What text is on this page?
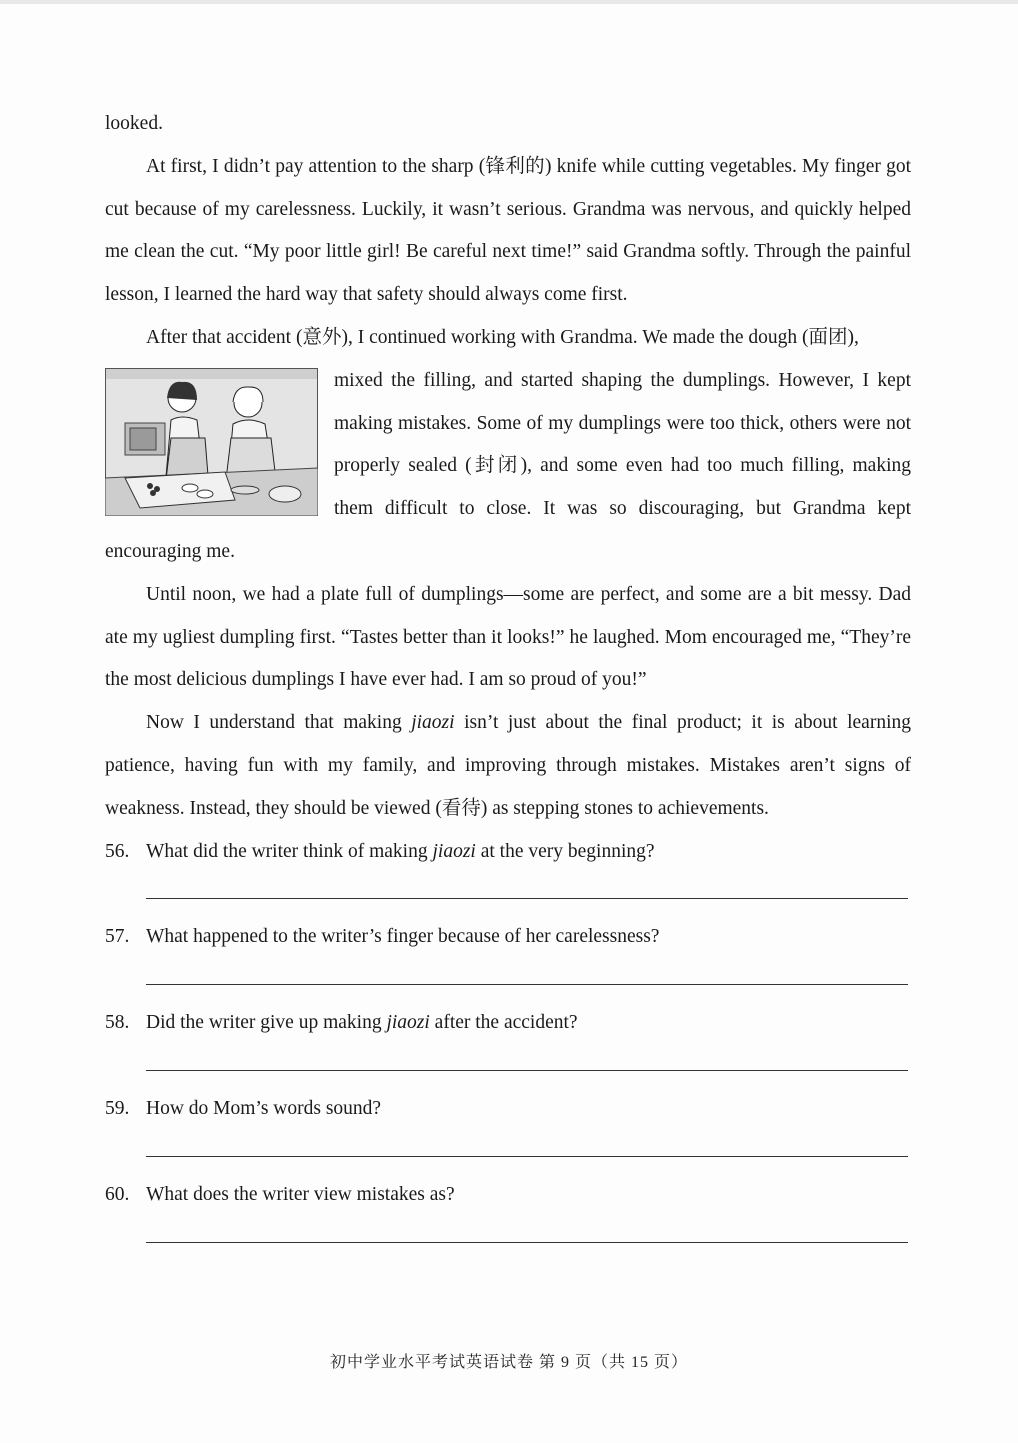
looked.

At first, I didn’t pay attention to the sharp (锋利的) knife while cutting vegetables. My finger got cut because of my carelessness. Luckily, it wasn’t serious. Grandma was nervous, and quickly helped me clean the cut. “My poor little girl! Be careful next time!” said Grandma softly. Through the painful lesson, I learned the hard way that safety should always come first.

After that accident (意外), I continued working with Grandma. We made the dough (面团),

mixed the filling, and started shaping the dumplings. However, I kept making mistakes. Some of my dumplings were too thick, others were not properly sealed (封闭), and some even had too much filling, making them difficult to close. It was so discouraging, but Grandma kept encouraging me.

Until noon, we had a plate full of dumplings—some are perfect, and some are a bit messy. Dad ate my ugliest dumpling first. “Tastes better than it looks!” he laughed. Mom encouraged me, “They’re the most delicious dumplings I have ever had. I am so proud of you!”

Now I understand that making jiaozi isn’t just about the final product; it is about learning patience, having fun with my family, and improving through mistakes. Mistakes aren’t signs of weakness. Instead, they should be viewed (看待) as stepping stones to achievements.

56. What did the writer think of making jiaozi at the very beginning?
57. What happened to the writer’s finger because of her carelessness?
58. Did the writer give up making jiaozi after the accident?
59. How do Mom’s words sound?
60. What does the writer view mistakes as?
初中学业水平考试英语试卷 第 9 页（共 15 页）
